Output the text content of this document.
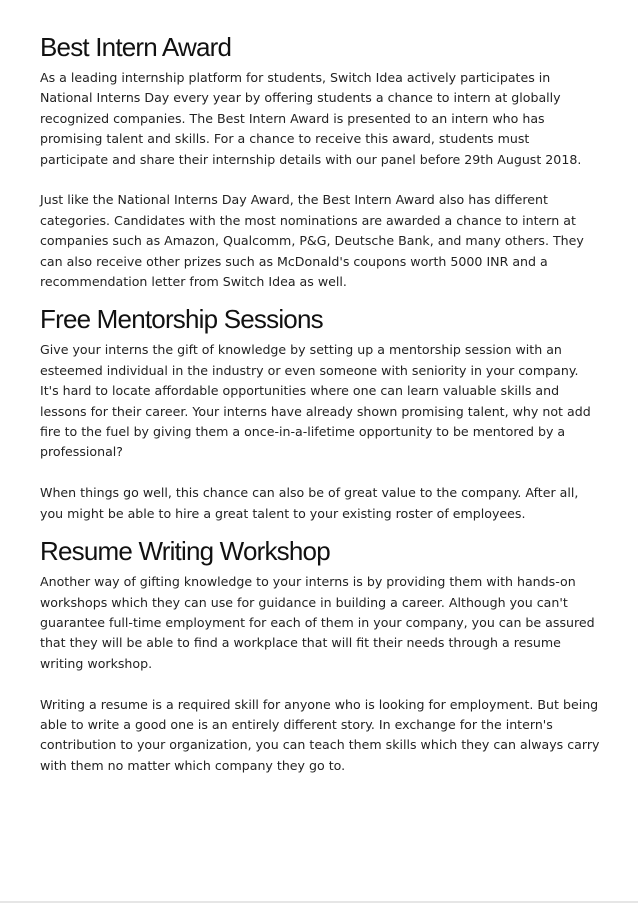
Best Intern Award

As a leading internship platform for students, Switch Idea actively participates in National Interns Day every year by offering students a chance to intern at globally recognized companies. The Best Intern Award is presented to an intern who has promising talent and skills. For a chance to receive this award, students must participate and share their internship details with our panel before 29th August 2018.

Just like the National Interns Day Award, the Best Intern Award also has different categories. Candidates with the most nominations are awarded a chance to intern at companies such as Amazon, Qualcomm, P&G, Deutsche Bank, and many others. They can also receive other prizes such as McDonald's coupons worth 5000 INR and a recommendation letter from Switch Idea as well.

Free Mentorship Sessions

Give your interns the gift of knowledge by setting up a mentorship session with an esteemed individual in the industry or even someone with seniority in your company. It's hard to locate affordable opportunities where one can learn valuable skills and lessons for their career. Your interns have already shown promising talent, why not add fire to the fuel by giving them a once-in-a-lifetime opportunity to be mentored by a professional?

When things go well, this chance can also be of great value to the company. After all, you might be able to hire a great talent to your existing roster of employees.

Resume Writing Workshop

Another way of gifting knowledge to your interns is by providing them with hands-on workshops which they can use for guidance in building a career. Although you can't guarantee full-time employment for each of them in your company, you can be assured that they will be able to find a workplace that will fit their needs through a resume writing workshop.

Writing a resume is a required skill for anyone who is looking for employment. But being able to write a good one is an entirely different story. In exchange for the intern's contribution to your organization, you can teach them skills which they can always carry with them no matter which company they go to.
